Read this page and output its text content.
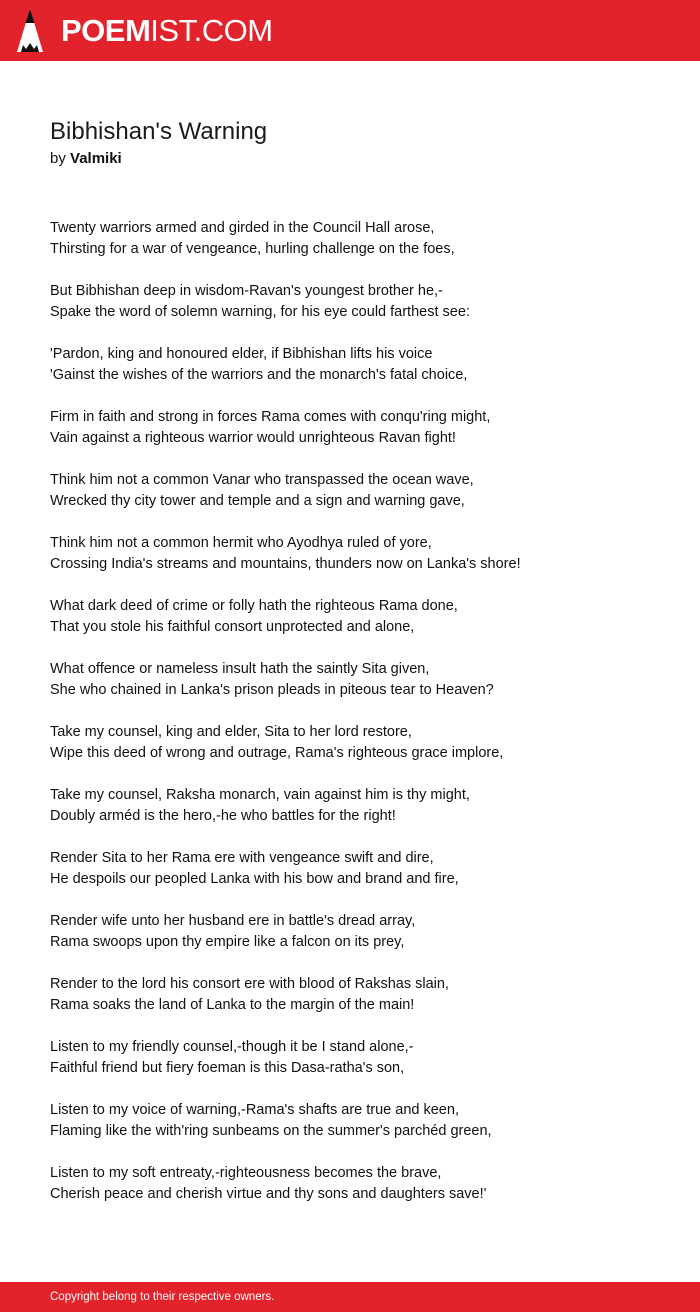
POEMIST.COM
Bibhishan's Warning
by Valmiki
Twenty warriors armed and girded in the Council Hall arose,
Thirsting for a war of vengeance, hurling challenge on the foes,
But Bibhishan deep in wisdom-Ravan's youngest brother he,-
Spake the word of solemn warning, for his eye could farthest see:
'Pardon, king and honoured elder, if Bibhishan lifts his voice
'Gainst the wishes of the warriors and the monarch's fatal choice,
Firm in faith and strong in forces Rama comes with conqu'ring might,
Vain against a righteous warrior would unrighteous Ravan fight!
Think him not a common Vanar who transpassed the ocean wave,
Wrecked thy city tower and temple and a sign and warning gave,
Think him not a common hermit who Ayodhya ruled of yore,
Crossing India's streams and mountains, thunders now on Lanka's shore!
What dark deed of crime or folly hath the righteous Rama done,
That you stole his faithful consort unprotected and alone,
What offence or nameless insult hath the saintly Sita given,
She who chained in Lanka's prison pleads in piteous tear to Heaven?
Take my counsel, king and elder, Sita to her lord restore,
Wipe this deed of wrong and outrage, Rama's righteous grace implore,
Take my counsel, Raksha monarch, vain against him is thy might,
Doubly arméd is the hero,-he who battles for the right!
Render Sita to her Rama ere with vengeance swift and dire,
He despoils our peopled Lanka with his bow and brand and fire,
Render wife unto her husband ere in battle's dread array,
Rama swoops upon thy empire like a falcon on its prey,
Render to the lord his consort ere with blood of Rakshas slain,
Rama soaks the land of Lanka to the margin of the main!
Listen to my friendly counsel,-though it be I stand alone,-
Faithful friend but fiery foeman is this Dasa-ratha's son,
Listen to my voice of warning,-Rama's shafts are true and keen,
Flaming like the with'ring sunbeams on the summer's parchéd green,
Listen to my soft entreaty,-righteousness becomes the brave,
Cherish peace and cherish virtue and thy sons and daughters save!'
Copyright belong to their respective owners.
